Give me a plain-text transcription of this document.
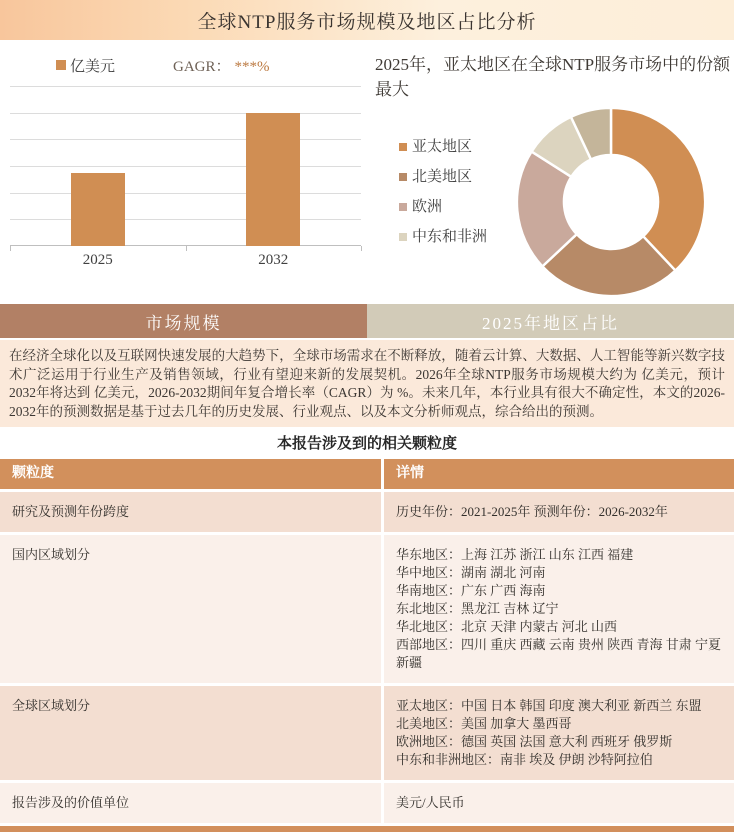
全球NTP服务市场规模及地区占比分析
亿美元	GAGR： ***%
2025	2032
2025年，亚太地区在全球NTP服务市场中的份额最大
亚太地区
北美地区
欧洲
中东和非洲
市场规模	2025年地区占比
在经济全球化以及互联网快速发展的大趋势下，全球市场需求在不断释放，随着云计算、大数据、人工智能等新兴数字技术广泛运用于行业生产及销售领域，行业有望迎来新的发展契机。2026年全球NTP服务市场规模大约为 亿美元，预计2032年将达到 亿美元，2026-2032期间年复合增长率（CAGR）为 %。未来几年，本行业具有很大不确定性，本文的2026-2032年的预测数据是基于过去几年的历史发展、行业观点、以及本文分析师观点，综合给出的预测。
本报告涉及到的相关颗粒度
颗粒度	详情
研究及预测年份跨度	历史年份：2021-2025年 预测年份：2026-2032年
国内区域划分	华东地区：上海 江苏 浙江 山东 江西 福建
华中地区：湖南 湖北 河南
华南地区：广东 广西 海南
东北地区：黑龙江 吉林 辽宁
华北地区：北京 天津 内蒙古 河北 山西
西部地区：四川 重庆 西藏 云南 贵州 陕西 青海 甘肃 宁夏 新疆
全球区域划分	亚太地区：中国 日本 韩国 印度 澳大利亚 新西兰 东盟
北美地区：美国 加拿大 墨西哥
欧洲地区：德国 英国 法国 意大利 西班牙 俄罗斯
中东和非洲地区：南非 埃及 伊朗 沙特阿拉伯
报告涉及的价值单位	美元/人民币
